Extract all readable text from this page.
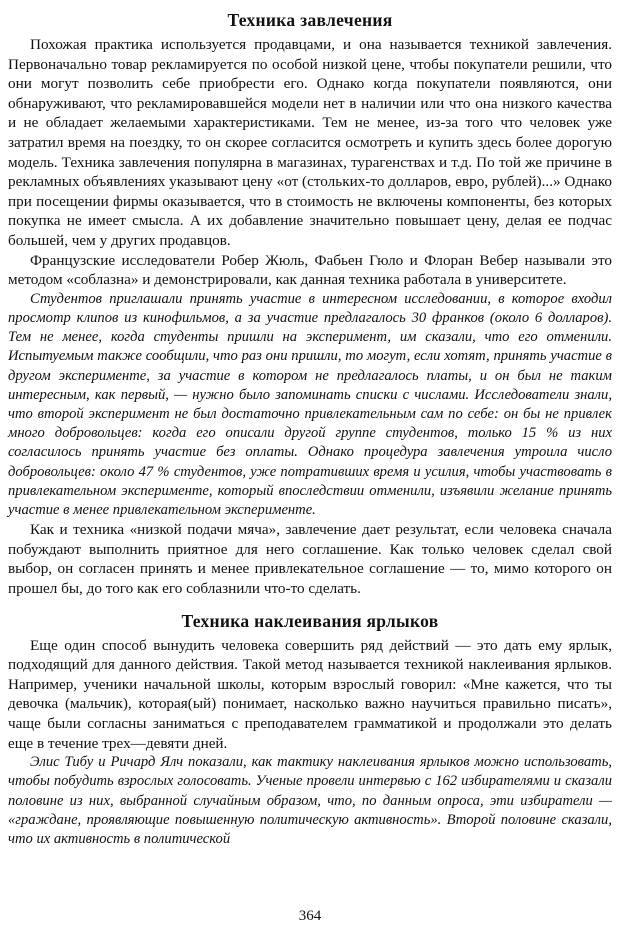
Техника завлечения

Похожая практика используется продавцами, и она называется техникой завлечения. Первоначально товар рекламируется по особой низкой цене, чтобы покупатели решили, что они могут позволить себе приобрести его. Однако когда покупатели появляются, они обнаруживают, что рекламировавшейся модели нет в наличии или что она низкого качества и не обладает желаемыми характеристиками. Тем не менее, из-за того что человек уже затратил время на поездку, то он скорее согласится осмотреть и купить здесь более дорогую модель. Техника завлечения популярна в магазинах, турагенствах и т.д. По той же причине в рекламных объявлениях указывают цену «от (стольких-то долларов, евро, рублей)...» Однако при посещении фирмы оказывается, что в стоимость не включены компоненты, без которых покупка не имеет смысла. А их добавление значительно повышает цену, делая ее подчас большей, чем у других продавцов.

Французские исследователи Робер Жюль, Фабьен Гюло и Флоран Вебер называли это методом «соблазна» и демонстрировали, как данная техника работала в университете.

Студентов приглашали принять участие в интересном исследовании, в которое входил просмотр клипов из кинофильмов, а за участие предлагалось 30 франков (около 6 долларов). Тем не менее, когда студенты пришли на эксперимент, им сказали, что его отменили. Испытуемым также сообщили, что раз они пришли, то могут, если хотят, принять участие в другом эксперименте, за участие в котором не предлагалось платы, и он был не таким интересным, как первый, — нужно было запоминать списки с числами. Исследователи знали, что второй эксперимент не был достаточно привлекательным сам по себе: он бы не привлек много добровольцев: когда его описали другой группе студентов, только 15 % из них согласилось принять участие без оплаты. Однако процедура завлечения утроила число добровольцев: около 47 % студентов, уже потративших время и усилия, чтобы участвовать в привлекательном эксперименте, который впоследствии отменили, изъявили желание принять участие в менее привлекательном эксперименте.

Как и техника «низкой подачи мяча», завлечение дает результат, если человека сначала побуждают выполнить приятное для него соглашение. Как только человек сделал свой выбор, он согласен принять и менее привлекательное соглашение — то, мимо которого он прошел бы, до того как его соблазнили что-то сделать.

Техника наклеивания ярлыков

Еще один способ вынудить человека совершить ряд действий — это дать ему ярлык, подходящий для данного действия. Такой метод называется техникой наклеивания ярлыков. Например, ученики начальной школы, которым взрослый говорил: «Мне кажется, что ты девочка (мальчик), которая(ый) понимает, насколько важно научиться правильно писать», чаще были согласны заниматься с преподавателем грамматикой и продолжали это делать еще в течение трех—девяти дней.

Элис Тибу и Ричард Ялч показали, как тактику наклеивания ярлыков можно использовать, чтобы побудить взрослых голосовать. Ученые провели интервью с 162 избирателями и сказали половине из них, выбранной случайным образом, что, по данным опроса, эти избиратели — «граждане, проявляющие повышенную политическую активность». Второй половине сказали, что их активность в политической

364
